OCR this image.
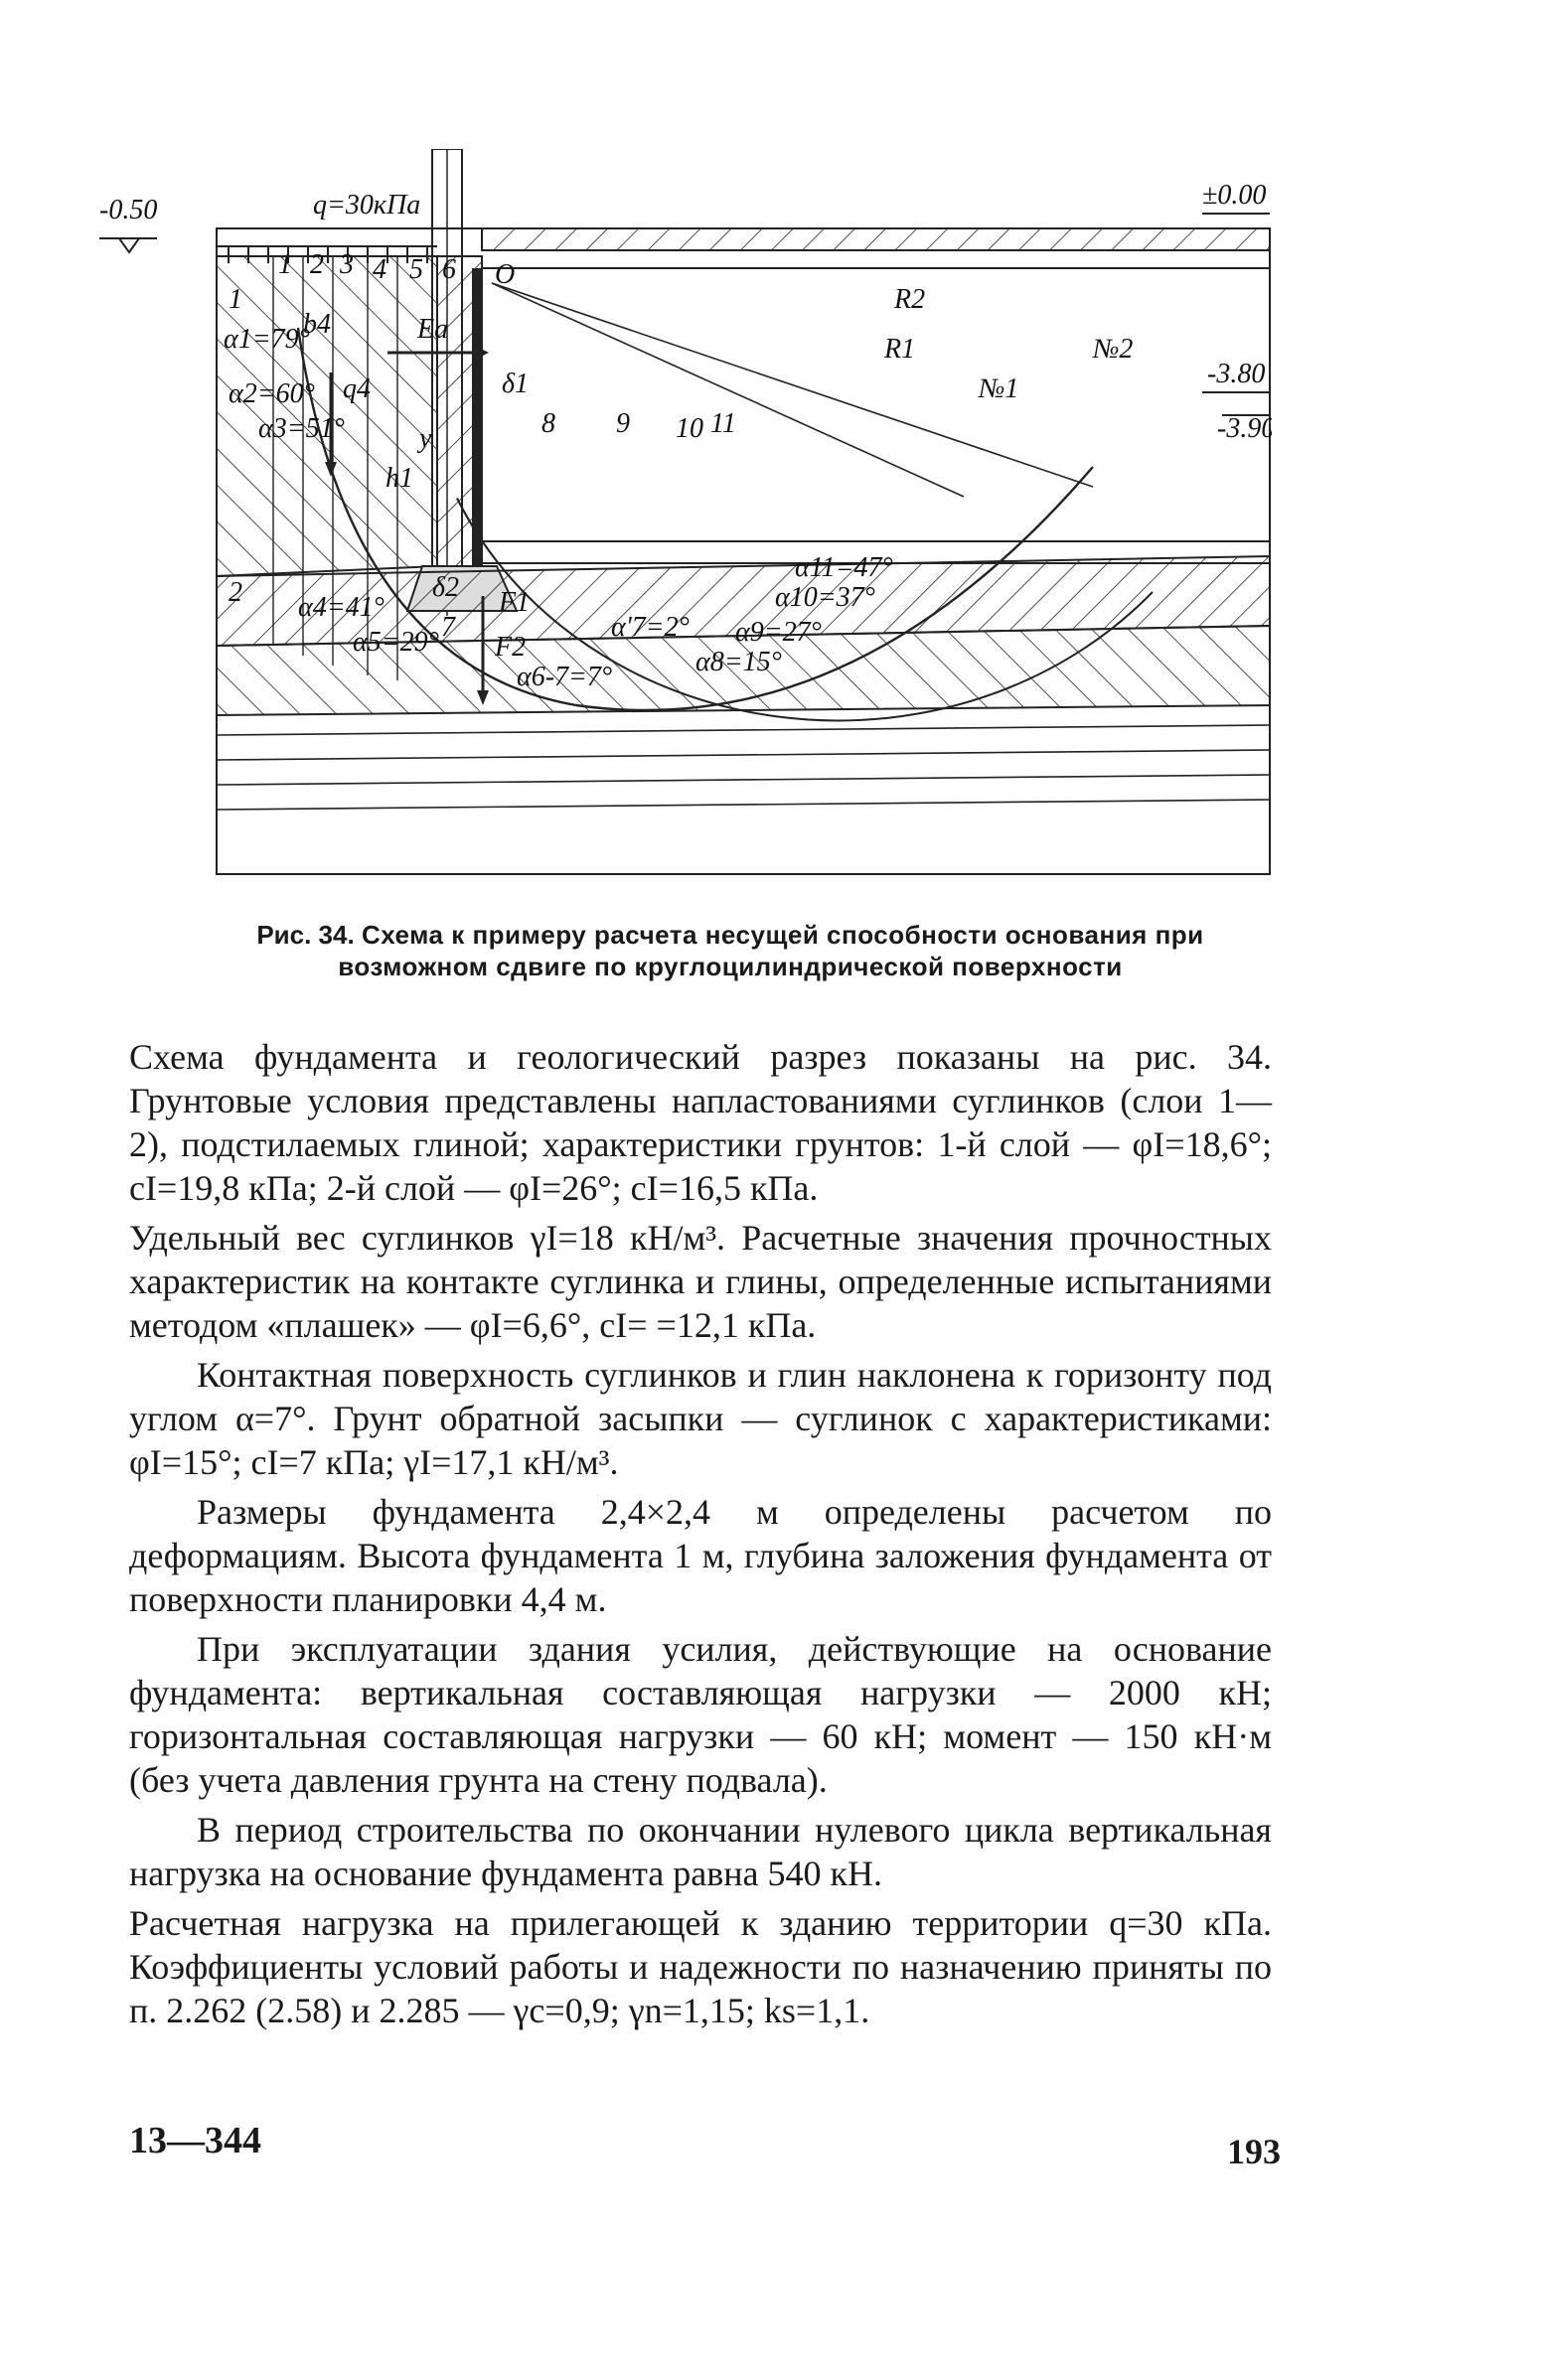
-0.50	±0.00
-3.80
-3.90
q=30кПа
O
R2
R1
№1
№2
Ea
b4
q4
h1
y
δ1
δ2 F1
F2
1
2
α1=79°
α2=60°
α3=51°
α4=41°
α5=29°
α6-7=7°
α'7=2°
α8=15°
α9=27°
α10=37°
α11=47°
1 2 3 4 5 6
7
8 9 10 11
Рис. 34. Схема к примеру расчета несущей способности основания при возможном сдвиге по круглоцилиндрической поверхности

Схема фундамента и геологический разрез показаны на рис. 34. Грунтовые условия представлены напластованиями суглинков (слои 1—2), подстилаемых глиной; характеристики грунтов: 1-й слой — φI=18,6°; cI=19,8 кПа; 2-й слой — φI=26°; cI=16,5 кПа.

Удельный вес суглинков γI=18 кН/м³. Расчетные значения прочностных характеристик на контакте суглинка и глины, определенные испытаниями методом «плашек» — φI=6,6°, cI= =12,1 кПа.

Контактная поверхность суглинков и глин наклонена к горизонту под углом α=7°. Грунт обратной засыпки — суглинок с характеристиками: φI=15°; cI=7 кПа; γI=17,1 кН/м³.

Размеры фундамента 2,4×2,4 м определены расчетом по деформациям. Высота фундамента 1 м, глубина заложения фундамента от поверхности планировки 4,4 м.

При эксплуатации здания усилия, действующие на основание фундамента: вертикальная составляющая нагрузки — 2000 кН; горизонтальная составляющая нагрузки — 60 кН; момент — 150 кН·м (без учета давления грунта на стену подвала).

В период строительства по окончании нулевого цикла вертикальная нагрузка на основание фундамента равна 540 кН.

Расчетная нагрузка на прилегающей к зданию территории q=30 кПа. Коэффициенты условий работы и надежности по назначению приняты по п. 2.262 (2.58) и 2.285 — γc=0,9; γn=1,15; ks=1,1.

13—344	193
